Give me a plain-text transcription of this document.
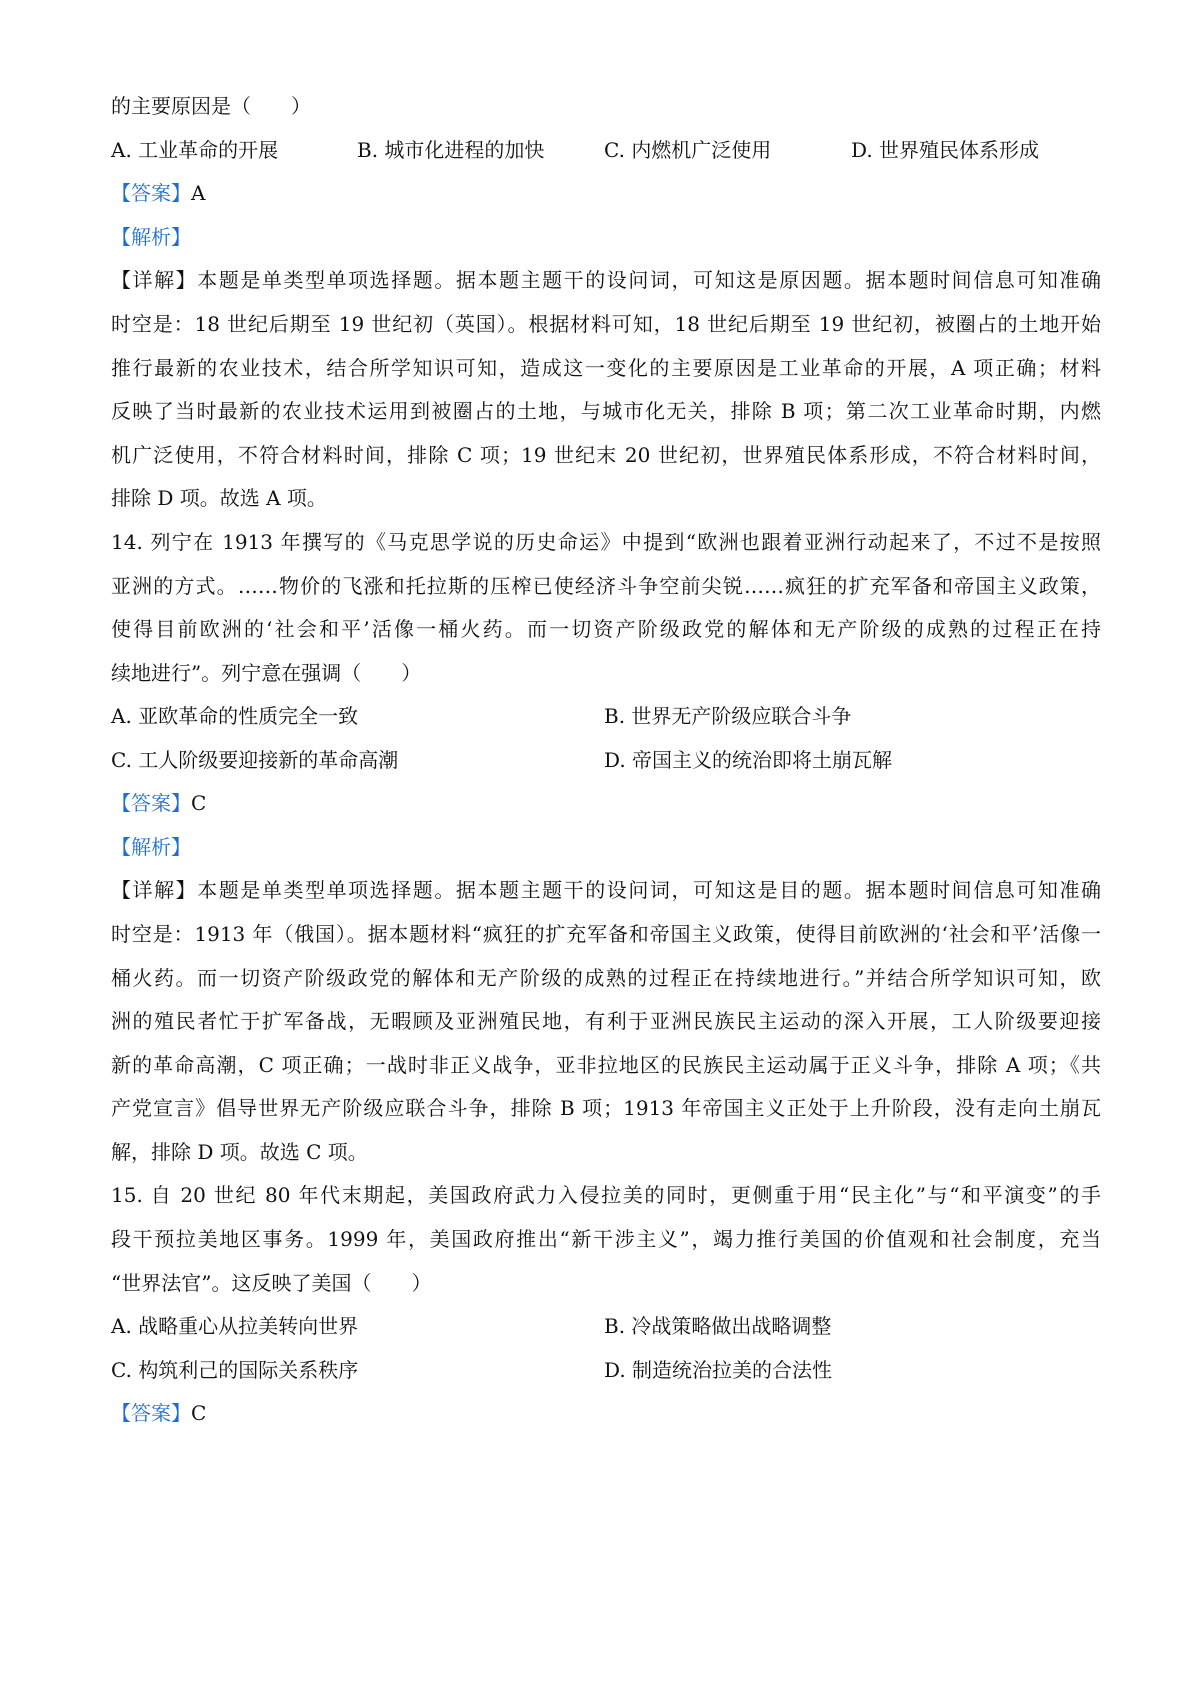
的主要原因是（　　）
A. 工业革命的开展	B. 城市化进程的加快	C. 内燃机广泛使用	D. 世界殖民体系形成
【答案】A
【解析】
【详解】本题是单类型单项选择题。据本题主题干的设问词，可知这是原因题。据本题时间信息可知准确
时空是：18 世纪后期至 19 世纪初（英国）。根据材料可知，18 世纪后期至 19 世纪初，被圈占的土地开始
推行最新的农业技术，结合所学知识可知，造成这一变化的主要原因是工业革命的开展，A 项正确；材料
反映了当时最新的农业技术运用到被圈占的土地，与城市化无关，排除 B 项；第二次工业革命时期，内燃
机广泛使用，不符合材料时间，排除 C 项；19 世纪末 20 世纪初，世界殖民体系形成，不符合材料时间，
排除 D 项。故选 A 项。
14. 列宁在 1913 年撰写的《马克思学说的历史命运》中提到“欧洲也跟着亚洲行动起来了，不过不是按照
亚洲的方式。……物价的飞涨和托拉斯的压榨已使经济斗争空前尖锐……疯狂的扩充军备和帝国主义政策，
使得目前欧洲的‘社会和平’活像一桶火药。而一切资产阶级政党的解体和无产阶级的成熟的过程正在持
续地进行”。列宁意在强调（　　）
A. 亚欧革命的性质完全一致	B. 世界无产阶级应联合斗争
C. 工人阶级要迎接新的革命高潮	D. 帝国主义的统治即将土崩瓦解
【答案】C
【解析】
【详解】本题是单类型单项选择题。据本题主题干的设问词，可知这是目的题。据本题时间信息可知准确
时空是：1913 年（俄国）。据本题材料“疯狂的扩充军备和帝国主义政策，使得目前欧洲的‘社会和平’活像一
桶火药。而一切资产阶级政党的解体和无产阶级的成熟的过程正在持续地进行。”并结合所学知识可知，欧
洲的殖民者忙于扩军备战，无暇顾及亚洲殖民地，有利于亚洲民族民主运动的深入开展，工人阶级要迎接
新的革命高潮，C 项正确；一战时非正义战争，亚非拉地区的民族民主运动属于正义斗争，排除 A 项；《共
产党宣言》倡导世界无产阶级应联合斗争，排除 B 项；1913 年帝国主义正处于上升阶段，没有走向土崩瓦
解，排除 D 项。故选 C 项。
15. 自 20 世纪 80 年代末期起，美国政府武力入侵拉美的同时，更侧重于用“民主化”与“和平演变”的手
段干预拉美地区事务。1999 年，美国政府推出“新干涉主义”，竭力推行美国的价值观和社会制度，充当
“世界法官”。这反映了美国（　　）
A. 战略重心从拉美转向世界	B. 冷战策略做出战略调整
C. 构筑利己的国际关系秩序	D. 制造统治拉美的合法性
【答案】C
